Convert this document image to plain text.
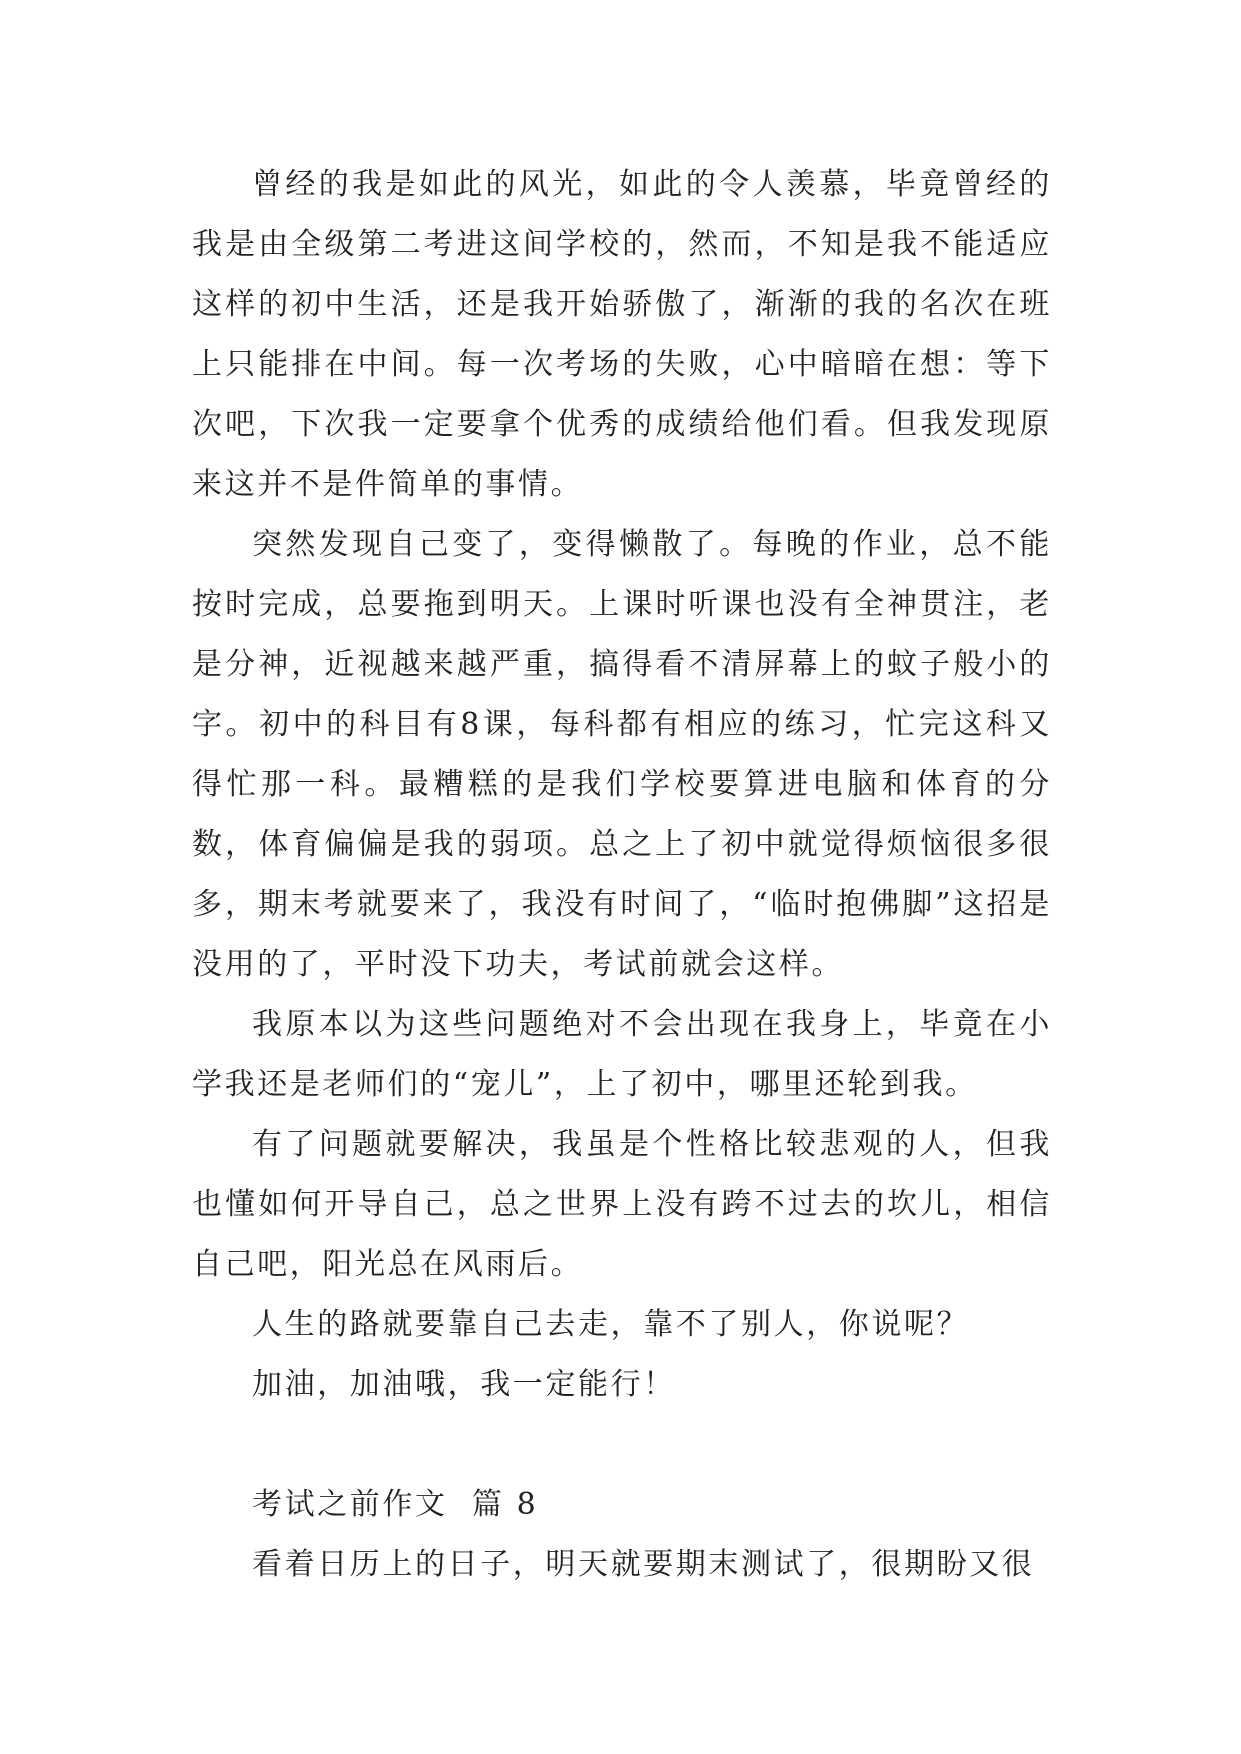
曾经的我是如此的风光，如此的令人羡慕，毕竟曾经的我是由全级第二考进这间学校的，然而，不知是我不能适应这样的初中生活，还是我开始骄傲了，渐渐的我的名次在班上只能排在中间。每一次考场的失败，心中暗暗在想：等下次吧，下次我一定要拿个优秀的成绩给他们看。但我发现原来这并不是件简单的事情。

突然发现自己变了，变得懒散了。每晚的作业，总不能按时完成，总要拖到明天。上课时听课也没有全神贯注，老是分神，近视越来越严重，搞得看不清屏幕上的蚊子般小的字。初中的科目有8课，每科都有相应的练习，忙完这科又得忙那一科。最糟糕的是我们学校要算进电脑和体育的分数，体育偏偏是我的弱项。总之上了初中就觉得烦恼很多很多，期末考就要来了，我没有时间了，“临时抱佛脚”这招是没用的了，平时没下功夫，考试前就会这样。

我原本以为这些问题绝对不会出现在我身上，毕竟在小学我还是老师们的“宠儿”，上了初中，哪里还轮到我。

有了问题就要解决，我虽是个性格比较悲观的人，但我也懂如何开导自己，总之世界上没有跨不过去的坎儿，相信自己吧，阳光总在风雨后。

人生的路就要靠自己去走，靠不了别人，你说呢？

加油，加油哦，我一定能行！

考试之前作文  篇 8

看着日历上的日子，明天就要期末测试了，很期盼又很
